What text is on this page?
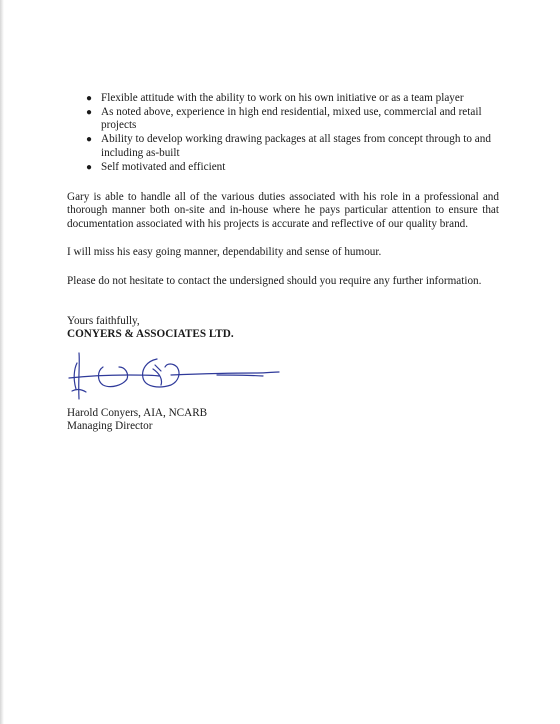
● Flexible attitude with the ability to work on his own initiative or as a team player
● As noted above, experience in high end residential, mixed use, commercial and retail projects
● Ability to develop working drawing packages at all stages from concept through to and including as-built
● Self motivated and efficient

Gary is able to handle all of the various duties associated with his role in a professional and thorough manner both on-site and in-house where he pays particular attention to ensure that documentation associated with his projects is accurate and reflective of our quality brand.

I will miss his easy going manner, dependability and sense of humour.

Please do not hesitate to contact the undersigned should you require any further information.

Yours faithfully,
CONYERS & ASSOCIATES LTD.
Harold Conyers, AIA, NCARB
Managing Director
